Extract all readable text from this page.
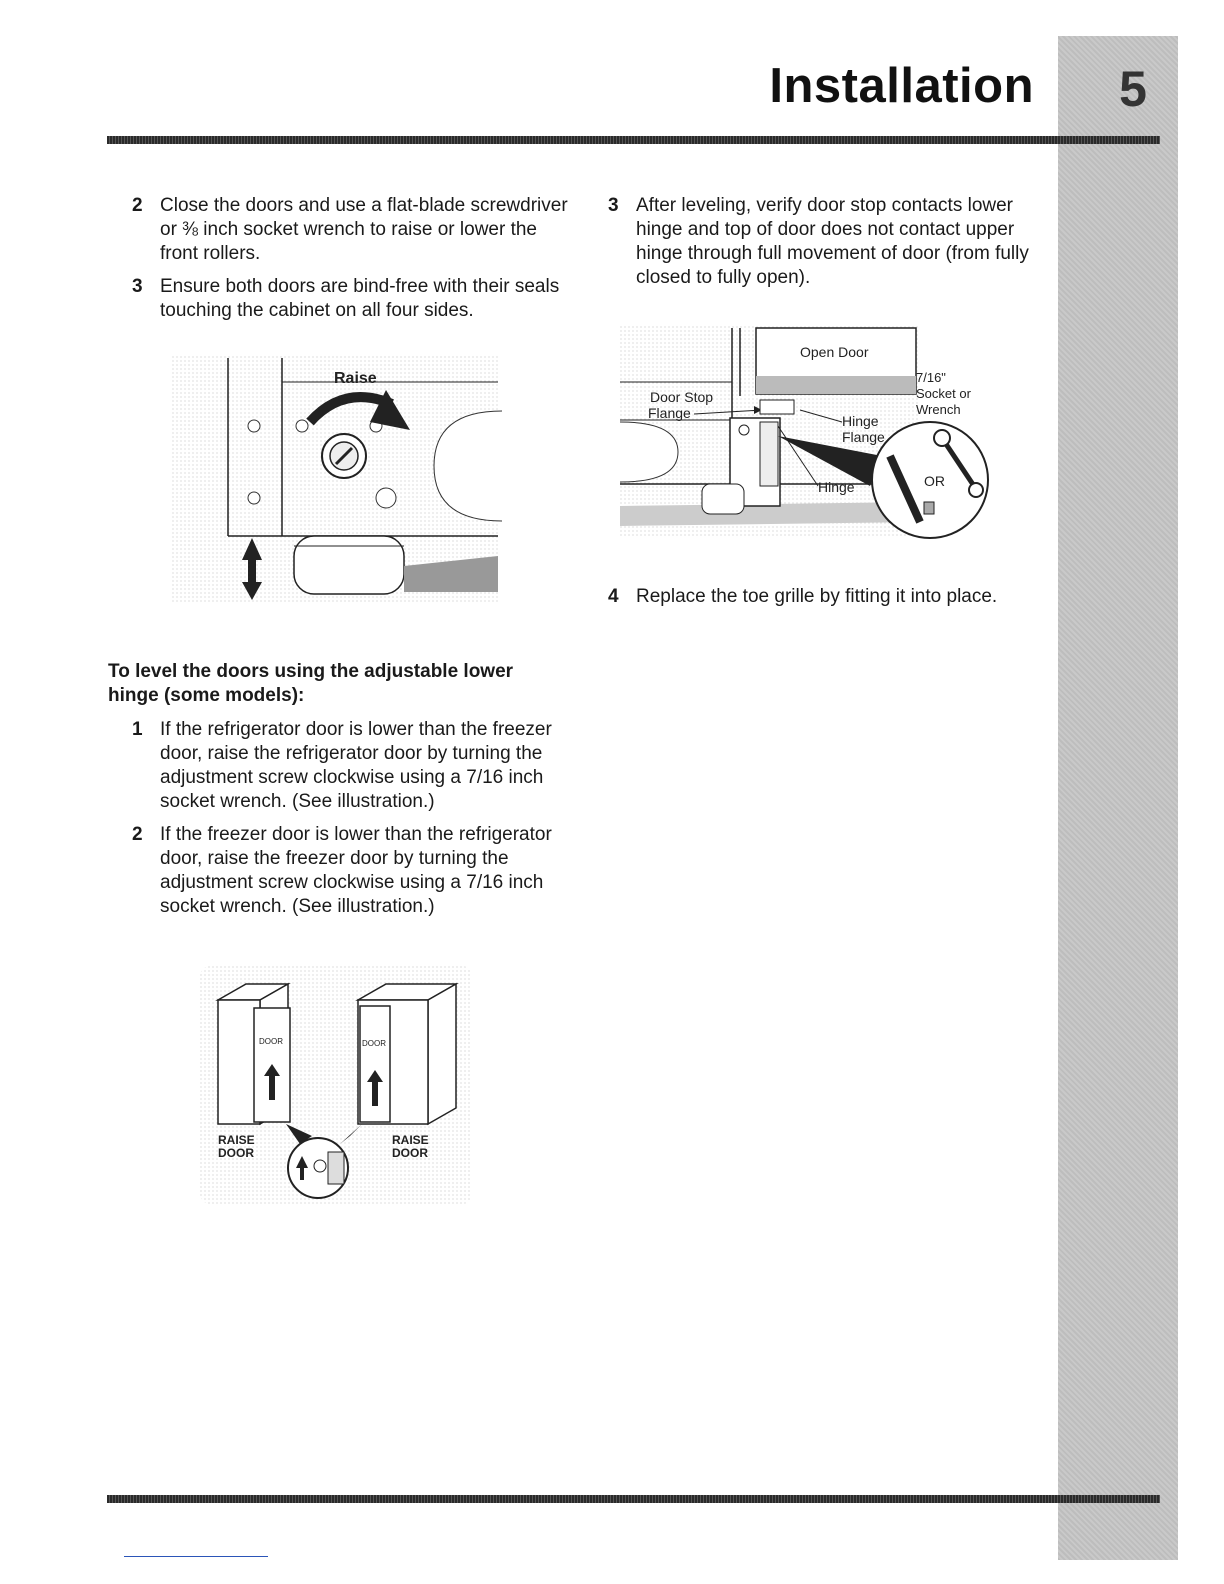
Installation	5
2 Close the doors and use a flat-blade screwdriver or ⅜ inch socket wrench to raise or lower the front rollers.
3 Ensure both doors are bind-free with their seals touching the cabinet on all four sides.
Raise
To level the doors using the adjustable lower hinge (some models):
1 If the refrigerator door is lower than the freezer door, raise the refrigerator door by turning the adjustment screw clockwise using a 7/16 inch socket wrench. (See illustration.)
2 If the freezer door is lower than the refrigerator door, raise the freezer door by turning the adjustment screw clockwise using a 7/16 inch socket wrench. (See illustration.)
DOOR
RAISE
DOOR
DOOR
RAISE
DOOR
3 After leveling, verify door stop contacts lower hinge and top of door does not contact upper hinge through full movement of door (from fully closed to fully open).
Open Door
Door Stop
Flange	Hinge
Flange
Hinge
7/16"
Socket or
Wrench
OR
4 Replace the toe grille by fitting it into place.
